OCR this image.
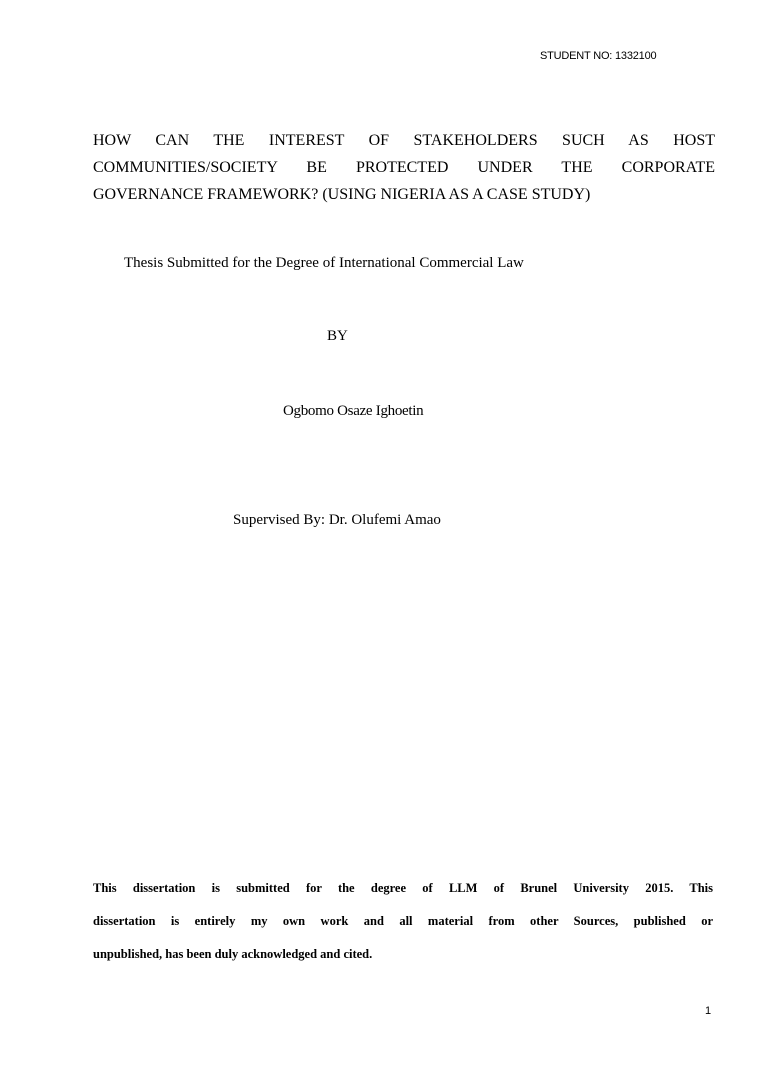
STUDENT NO: 1332100
HOW CAN THE INTEREST OF STAKEHOLDERS SUCH AS HOST
COMMUNITIES/SOCIETY BE PROTECTED UNDER THE CORPORATE
GOVERNANCE FRAMEWORK? (USING NIGERIA AS A CASE STUDY)
Thesis Submitted for the Degree of International Commercial Law
BY
Ogbomo Osaze Ighoetin
Supervised By: Dr. Olufemi Amao
This dissertation is submitted for the degree of LLM of Brunel University 2015. This
dissertation is entirely my own work and all material from other Sources, published or
unpublished, has been duly acknowledged and cited.
1
